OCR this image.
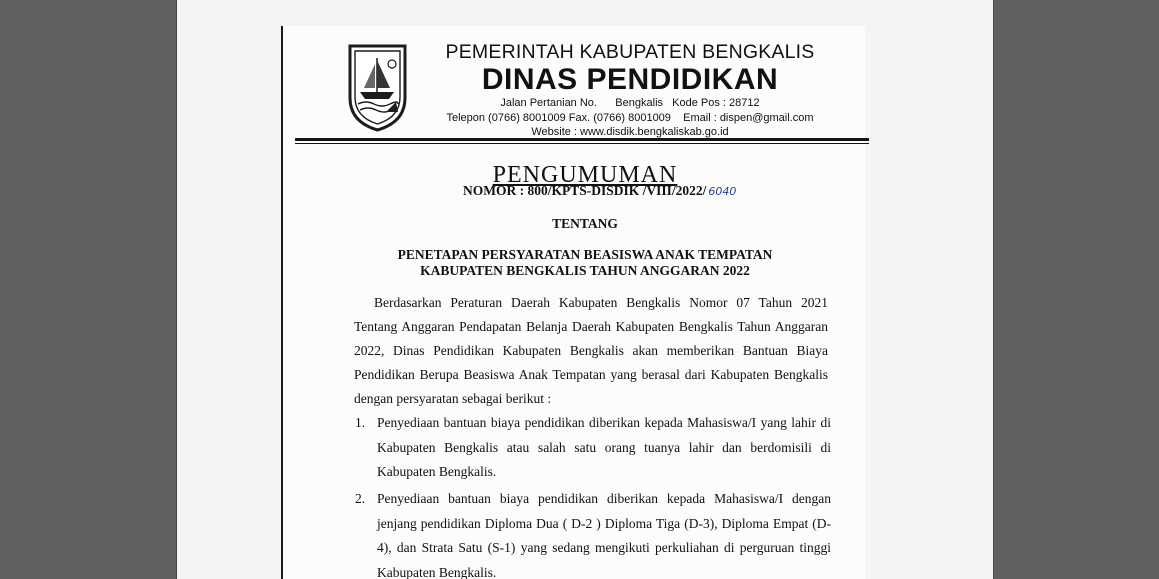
PEMERINTAH KABUPATEN BENGKALIS
DINAS PENDIDIKAN
Jalan Pertanian No.      Bengkalis   Kode Pos : 28712
Telepon (0766) 8001009 Fax. (0766) 8001009    Email : dispen@gmail.com
Website : www.disdik.bengkaliskab.go.id
PENGUMUMAN
NOMOR : 800/KPTS-DISDIK /VIII/2022/ 6040
TENTANG
PENETAPAN PERSYARATAN BEASISWA ANAK TEMPATAN
KABUPATEN BENGKALIS TAHUN ANGGARAN 2022
Berdasarkan Peraturan Daerah Kabupaten Bengkalis Nomor 07 Tahun 2021 Tentang Anggaran Pendapatan Belanja Daerah Kabupaten Bengkalis Tahun Anggaran 2022, Dinas Pendidikan Kabupaten Bengkalis akan memberikan Bantuan Biaya Pendidikan Berupa Beasiswa Anak Tempatan yang berasal dari Kabupaten Bengkalis dengan persyaratan sebagai berikut :
1. Penyediaan bantuan biaya pendidikan diberikan kepada Mahasiswa/I yang lahir di Kabupaten Bengkalis atau salah satu orang tuanya lahir dan berdomisili di Kabupaten Bengkalis.
2. Penyediaan bantuan biaya pendidikan diberikan kepada Mahasiswa/I dengan jenjang pendidikan Diploma Dua ( D-2 ) Diploma Tiga (D-3), Diploma Empat (D-4), dan Strata Satu (S-1) yang sedang mengikuti perkuliahan di perguruan tinggi Kabupaten Bengkalis.
